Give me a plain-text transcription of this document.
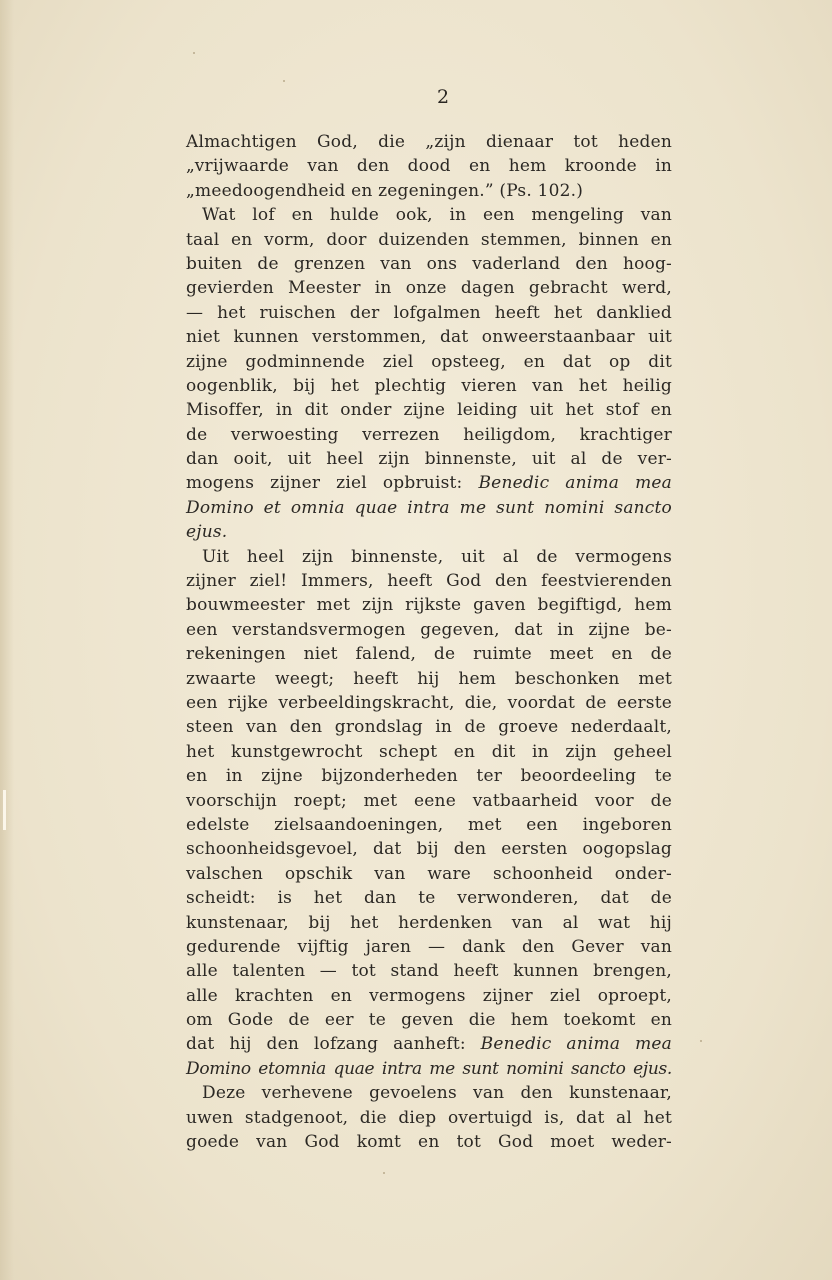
2
Almachtigen God, die „zijn dienaar tot heden
„vrijwaarde van den dood en hem kroonde in
„meedoogendheid en zegeningen.” (Ps. 102.)
Wat lof en hulde ook, in een mengeling van
taal en vorm, door duizenden stemmen, binnen en
buiten de grenzen van ons vaderland den hoog-
gevierden Meester in onze dagen gebracht werd,
— het ruischen der lofgalmen heeft het danklied
niet kunnen verstommen, dat onweerstaanbaar uit
zijne godminnende ziel opsteeg, en dat op dit
oogenblik, bij het plechtig vieren van het heilig
Misoffer, in dit onder zijne leiding uit het stof en
de verwoesting verrezen heiligdom, krachtiger
dan ooit, uit heel zijn binnenste, uit al de ver-
mogens zijner ziel opbruist: Benedic anima mea
Domino et omnia quae intra me sunt nomini sancto
ejus.
Uit heel zijn binnenste, uit al de vermogens
zijner ziel! Immers, heeft God den feestvierenden
bouwmeester met zijn rijkste gaven begiftigd, hem
een verstandsvermogen gegeven, dat in zijne be-
rekeningen niet falend, de ruimte meet en de
zwaarte weegt; heeft hij hem beschonken met
een rijke verbeeldingskracht, die, voordat de eerste
steen van den grondslag in de groeve nederdaalt,
het kunstgewrocht schept en dit in zijn geheel
en in zijne bijzonderheden ter beoordeeling te
voorschijn roept; met eene vatbaarheid voor de
edelste zielsaandoeningen, met een ingeboren
schoonheidsgevoel, dat bij den eersten oogopslag
valschen opschik van ware schoonheid onder-
scheidt: is het dan te verwonderen, dat de
kunstenaar, bij het herdenken van al wat hij
gedurende vijftig jaren — dank den Gever van
alle talenten — tot stand heeft kunnen brengen,
alle krachten en vermogens zijner ziel oproept,
om Gode de eer te geven die hem toekomt en
dat hij den lofzang aanheft: Benedic anima mea
Domino etomnia quae intra me sunt nomini sancto ejus.
Deze verhevene gevoelens van den kunstenaar,
uwen stadgenoot, die diep overtuigd is, dat al het
goede van God komt en tot God moet weder-
